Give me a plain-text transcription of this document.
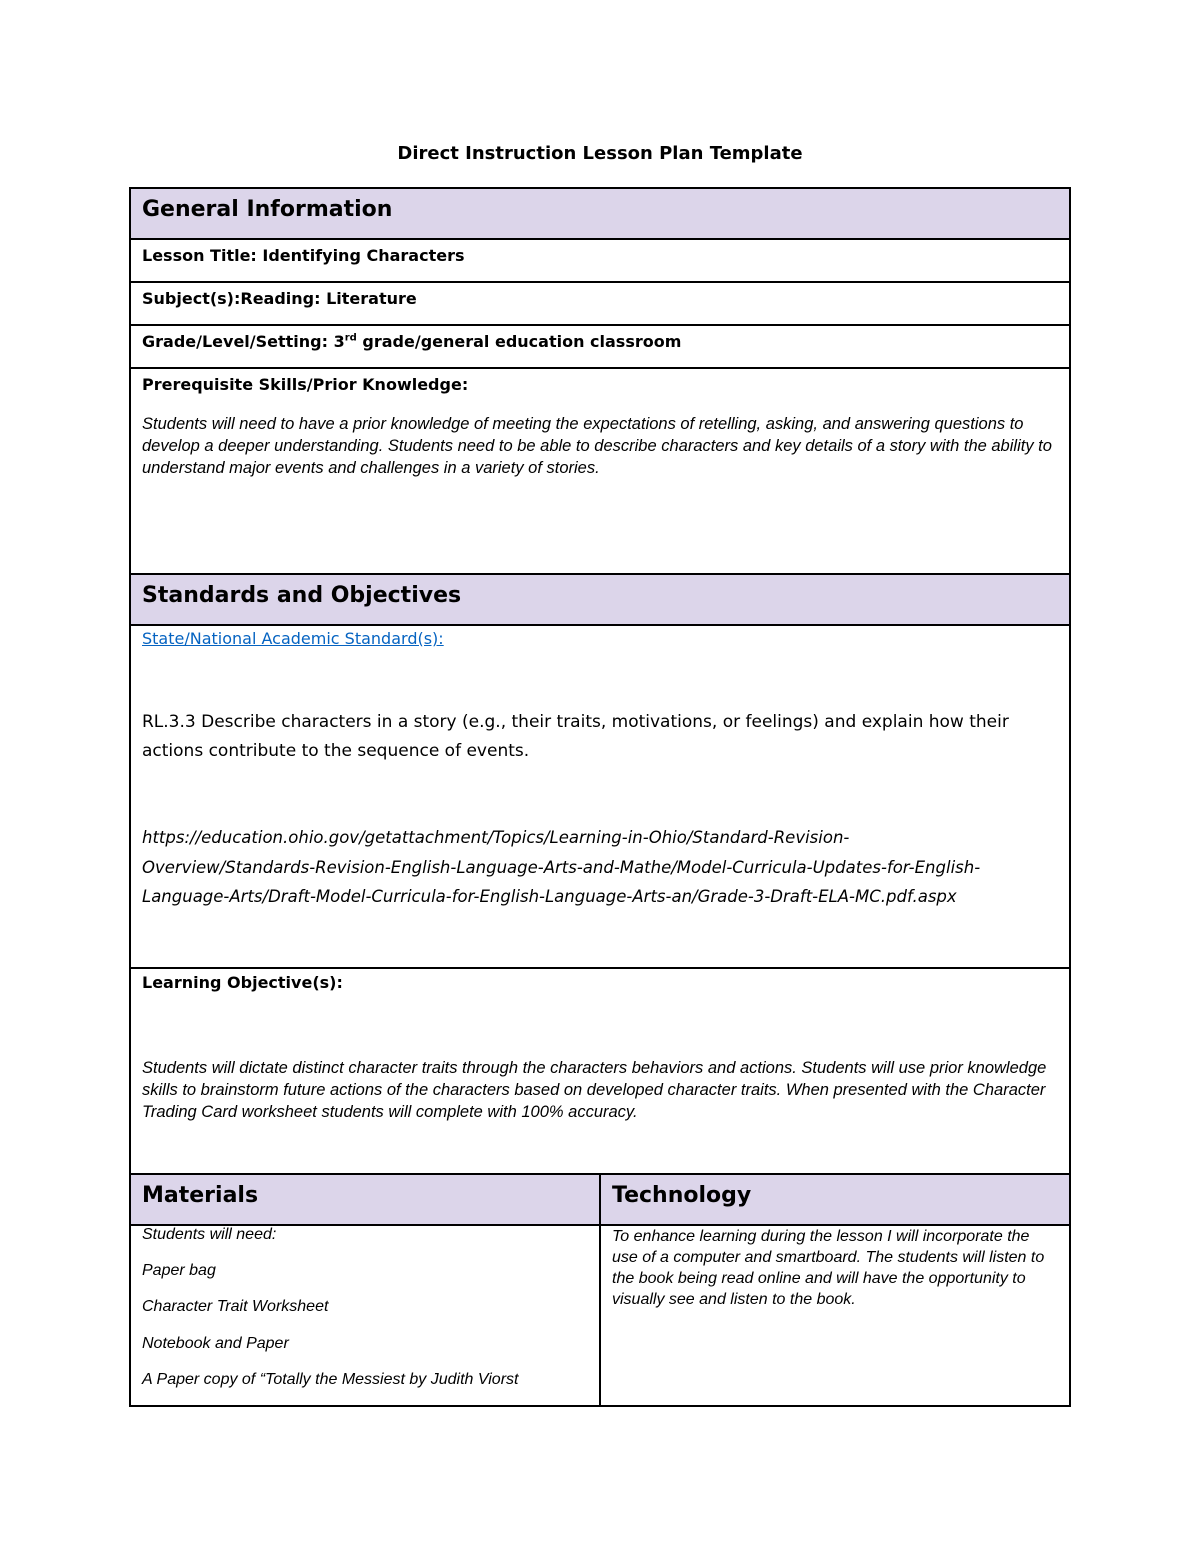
Direct Instruction Lesson Plan Template
General Information
Lesson Title: Identifying Characters
Subject(s):Reading: Literature
Grade/Level/Setting: 3rd grade/general education classroom
Prerequisite Skills/Prior Knowledge:
Students will need to have a prior knowledge of meeting the expectations of retelling, asking, and answering questions to develop a deeper understanding. Students need to be able to describe characters and key details of a story with the ability to understand major events and challenges in a variety of stories.
Standards and Objectives
State/National Academic Standard(s):
RL.3.3 Describe characters in a story (e.g., their traits, motivations, or feelings) and explain how their actions contribute to the sequence of events.
https://education.ohio.gov/getattachment/Topics/Learning-in-Ohio/Standard-Revision-
Overview/Standards-Revision-English-Language-Arts-and-Mathe/Model-Curricula-Updates-for-English-
Language-Arts/Draft-Model-Curricula-for-English-Language-Arts-an/Grade-3-Draft-ELA-MC.pdf.aspx
Learning Objective(s):
Students will dictate distinct character traits through the characters behaviors and actions. Students will use prior knowledge skills to brainstorm future actions of the characters based on developed character traits. When presented with the Character Trading Card worksheet students will complete with 100% accuracy.
Materials	Technology
Students will need:
Paper bag
Character Trait Worksheet
Notebook and Paper
A Paper copy of “Totally the Messiest by Judith Viorst
To enhance learning during the lesson I will incorporate the use of a computer and smartboard. The students will listen to the book being read online and will have the opportunity to visually see and listen to the book.
